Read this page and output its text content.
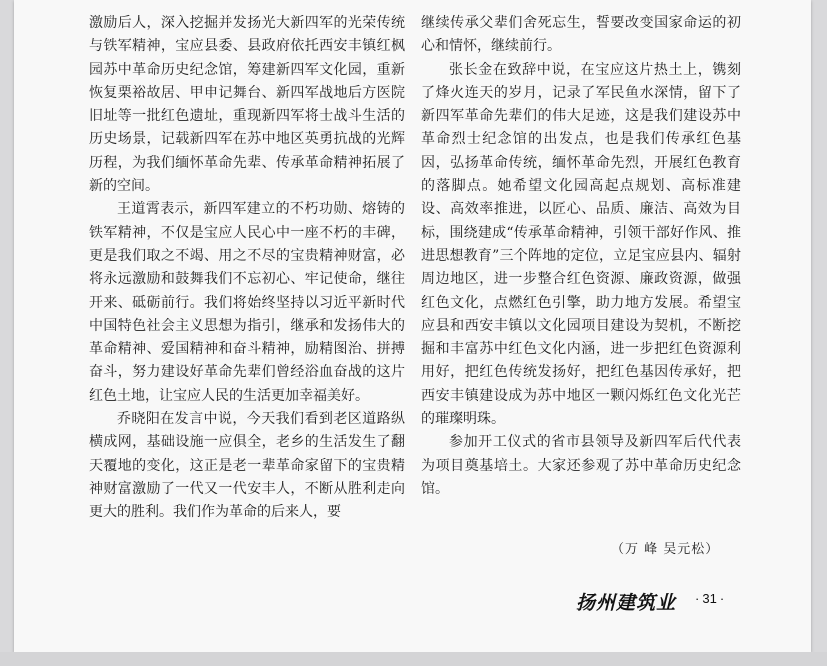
激励后人，深入挖掘并发扬光大新四军的光荣传统与铁军精神，宝应县委、县政府依托西安丰镇红枫园苏中革命历史纪念馆，筹建新四军文化园，重新恢复栗裕故居、甲申记舞台、新四军战地后方医院旧址等一批红色遗址，重现新四军将士战斗生活的历史场景，记载新四军在苏中地区英勇抗战的光辉历程，为我们缅怀革命先辈、传承革命精神拓展了新的空间。

王道霄表示，新四军建立的不朽功勋、熔铸的铁军精神，不仅是宝应人民心中一座不朽的丰碑，更是我们取之不竭、用之不尽的宝贵精神财富，必将永远激励和鼓舞我们不忘初心、牢记使命，继往开来、砥砺前行。我们将始终坚持以习近平新时代中国特色社会主义思想为指引，继承和发扬伟大的革命精神、爱国精神和奋斗精神，励精图治、拼搏奋斗，努力建设好革命先辈们曾经浴血奋战的这片红色土地，让宝应人民的生活更加幸福美好。

乔晓阳在发言中说，今天我们看到老区道路纵横成网，基础设施一应俱全，老乡的生活发生了翻天覆地的变化，这正是老一辈革命家留下的宝贵精神财富激励了一代又一代安丰人，不断从胜利走向更大的胜利。我们作为革命的后来人，要

继续传承父辈们舍死忘生，誓要改变国家命运的初心和情怀，继续前行。

张长金在致辞中说，在宝应这片热土上，镌刻了烽火连天的岁月，记录了军民鱼水深情，留下了新四军革命先辈们的伟大足迹，这是我们建设苏中革命烈士纪念馆的出发点，也是我们传承红色基因，弘扬革命传统，缅怀革命先烈，开展红色教育的落脚点。她希望文化园高起点规划、高标准建设、高效率推进，以匠心、品质、廉洁、高效为目标，围绕建成“传承革命精神，引领干部好作风、推进思想教育”三个阵地的定位，立足宝应县内、辐射周边地区，进一步整合红色资源、廉政资源，做强红色文化，点燃红色引擎，助力地方发展。希望宝应县和西安丰镇以文化园项目建设为契机，不断挖掘和丰富苏中红色文化内涵，进一步把红色资源利用好，把红色传统发扬好，把红色基因传承好，把西安丰镇建设成为苏中地区一颗闪烁红色文化光芒的璀璨明珠。

参加开工仪式的省市县领导及新四军后代代表为项目奠基培土。大家还参观了苏中革命历史纪念馆。

（万 峰 吴元松）
扬州建筑业 · 31 ·
